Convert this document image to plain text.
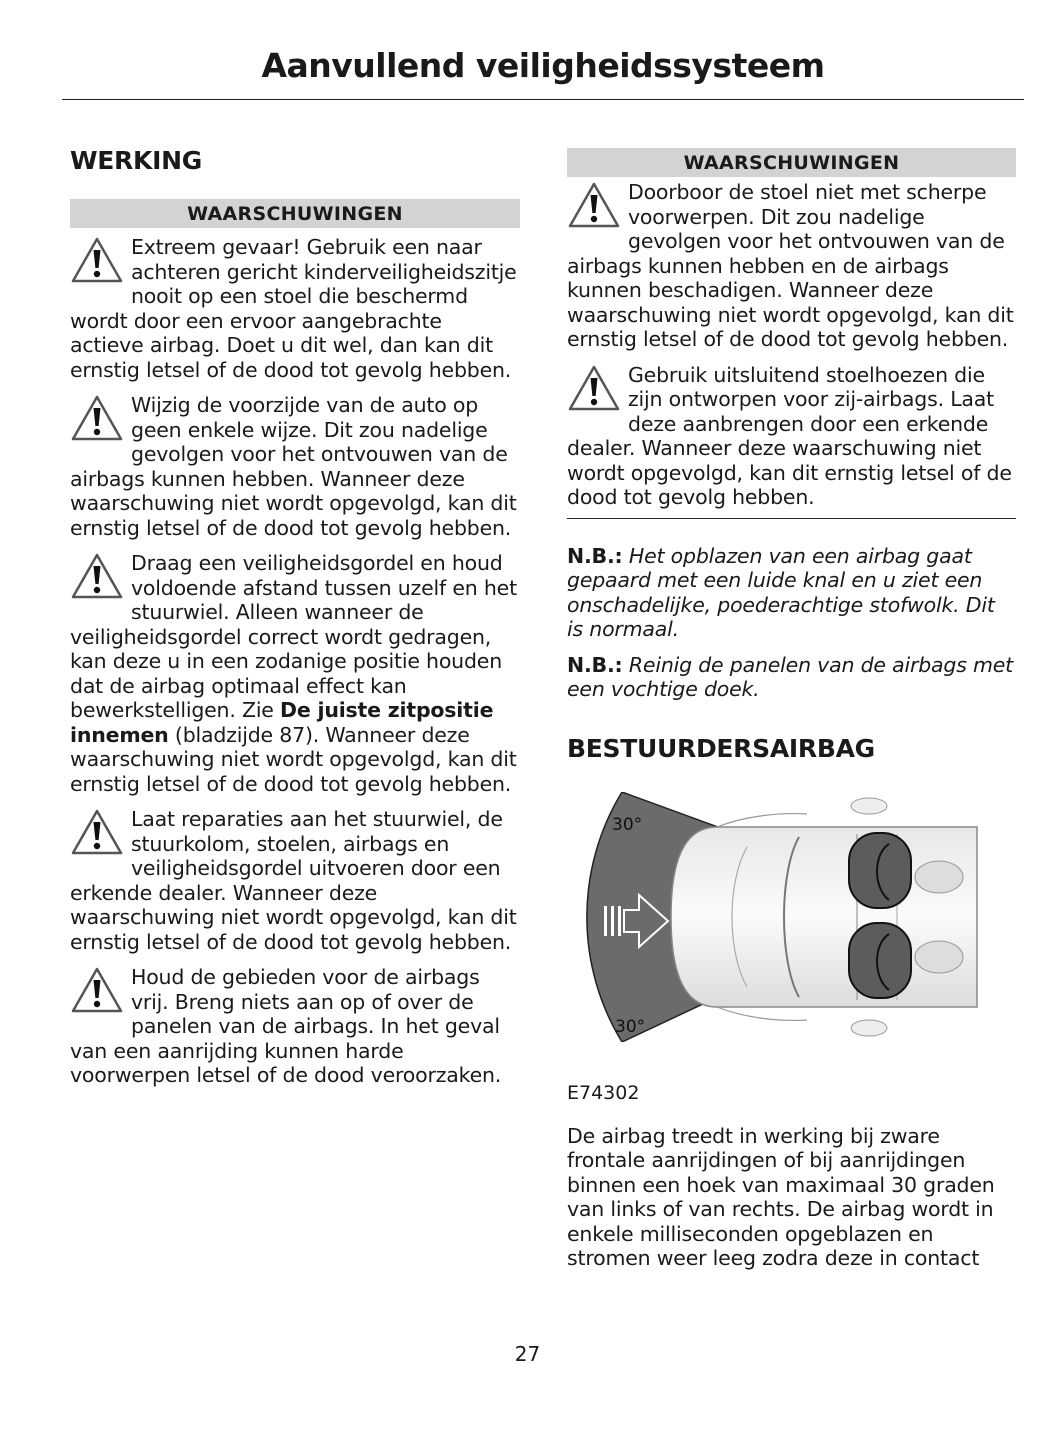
Aanvullend veiligheidssysteem
WERKING
WAARSCHUWINGEN
Extreem gevaar! Gebruik een naar achteren gericht kinderveiligheidszitje nooit op een stoel die beschermd wordt door een ervoor aangebrachte actieve airbag. Doet u dit wel, dan kan dit ernstig letsel of de dood tot gevolg hebben.
Wijzig de voorzijde van de auto op geen enkele wijze. Dit zou nadelige gevolgen voor het ontvouwen van de airbags kunnen hebben. Wanneer deze waarschuwing niet wordt opgevolgd, kan dit ernstig letsel of de dood tot gevolg hebben.
Draag een veiligheidsgordel en houd voldoende afstand tussen uzelf en het stuurwiel. Alleen wanneer de veiligheidsgordel correct wordt gedragen, kan deze u in een zodanige positie houden dat de airbag optimaal effect kan bewerkstelligen. Zie De juiste zitpositie innemen (bladzijde 87). Wanneer deze waarschuwing niet wordt opgevolgd, kan dit ernstig letsel of de dood tot gevolg hebben.
Laat reparaties aan het stuurwiel, de stuurkolom, stoelen, airbags en veiligheidsgordel uitvoeren door een erkende dealer. Wanneer deze waarschuwing niet wordt opgevolgd, kan dit ernstig letsel of de dood tot gevolg hebben.
Houd de gebieden voor de airbags vrij. Breng niets aan op of over de panelen van de airbags. In het geval van een aanrijding kunnen harde voorwerpen letsel of de dood veroorzaken.
WAARSCHUWINGEN
Doorboor de stoel niet met scherpe voorwerpen. Dit zou nadelige gevolgen voor het ontvouwen van de airbags kunnen hebben en de airbags kunnen beschadigen. Wanneer deze waarschuwing niet wordt opgevolgd, kan dit ernstig letsel of de dood tot gevolg hebben.
Gebruik uitsluitend stoelhoezen die zijn ontworpen voor zij-airbags. Laat deze aanbrengen door een erkende dealer. Wanneer deze waarschuwing niet wordt opgevolgd, kan dit ernstig letsel of de dood tot gevolg hebben.

N.B.: Het opblazen van een airbag gaat gepaard met een luide knal en u ziet een onschadelijke, poederachtige stofwolk. Dit is normaal.

N.B.: Reinig de panelen van de airbags met een vochtige doek.

BESTUURDERSAIRBAG
30°
30°
E74302

De airbag treedt in werking bij zware frontale aanrijdingen of bij aanrijdingen binnen een hoek van maximaal 30 graden van links of van rechts. De airbag wordt in enkele milliseconden opgeblazen en stromen weer leeg zodra deze in contact

27
